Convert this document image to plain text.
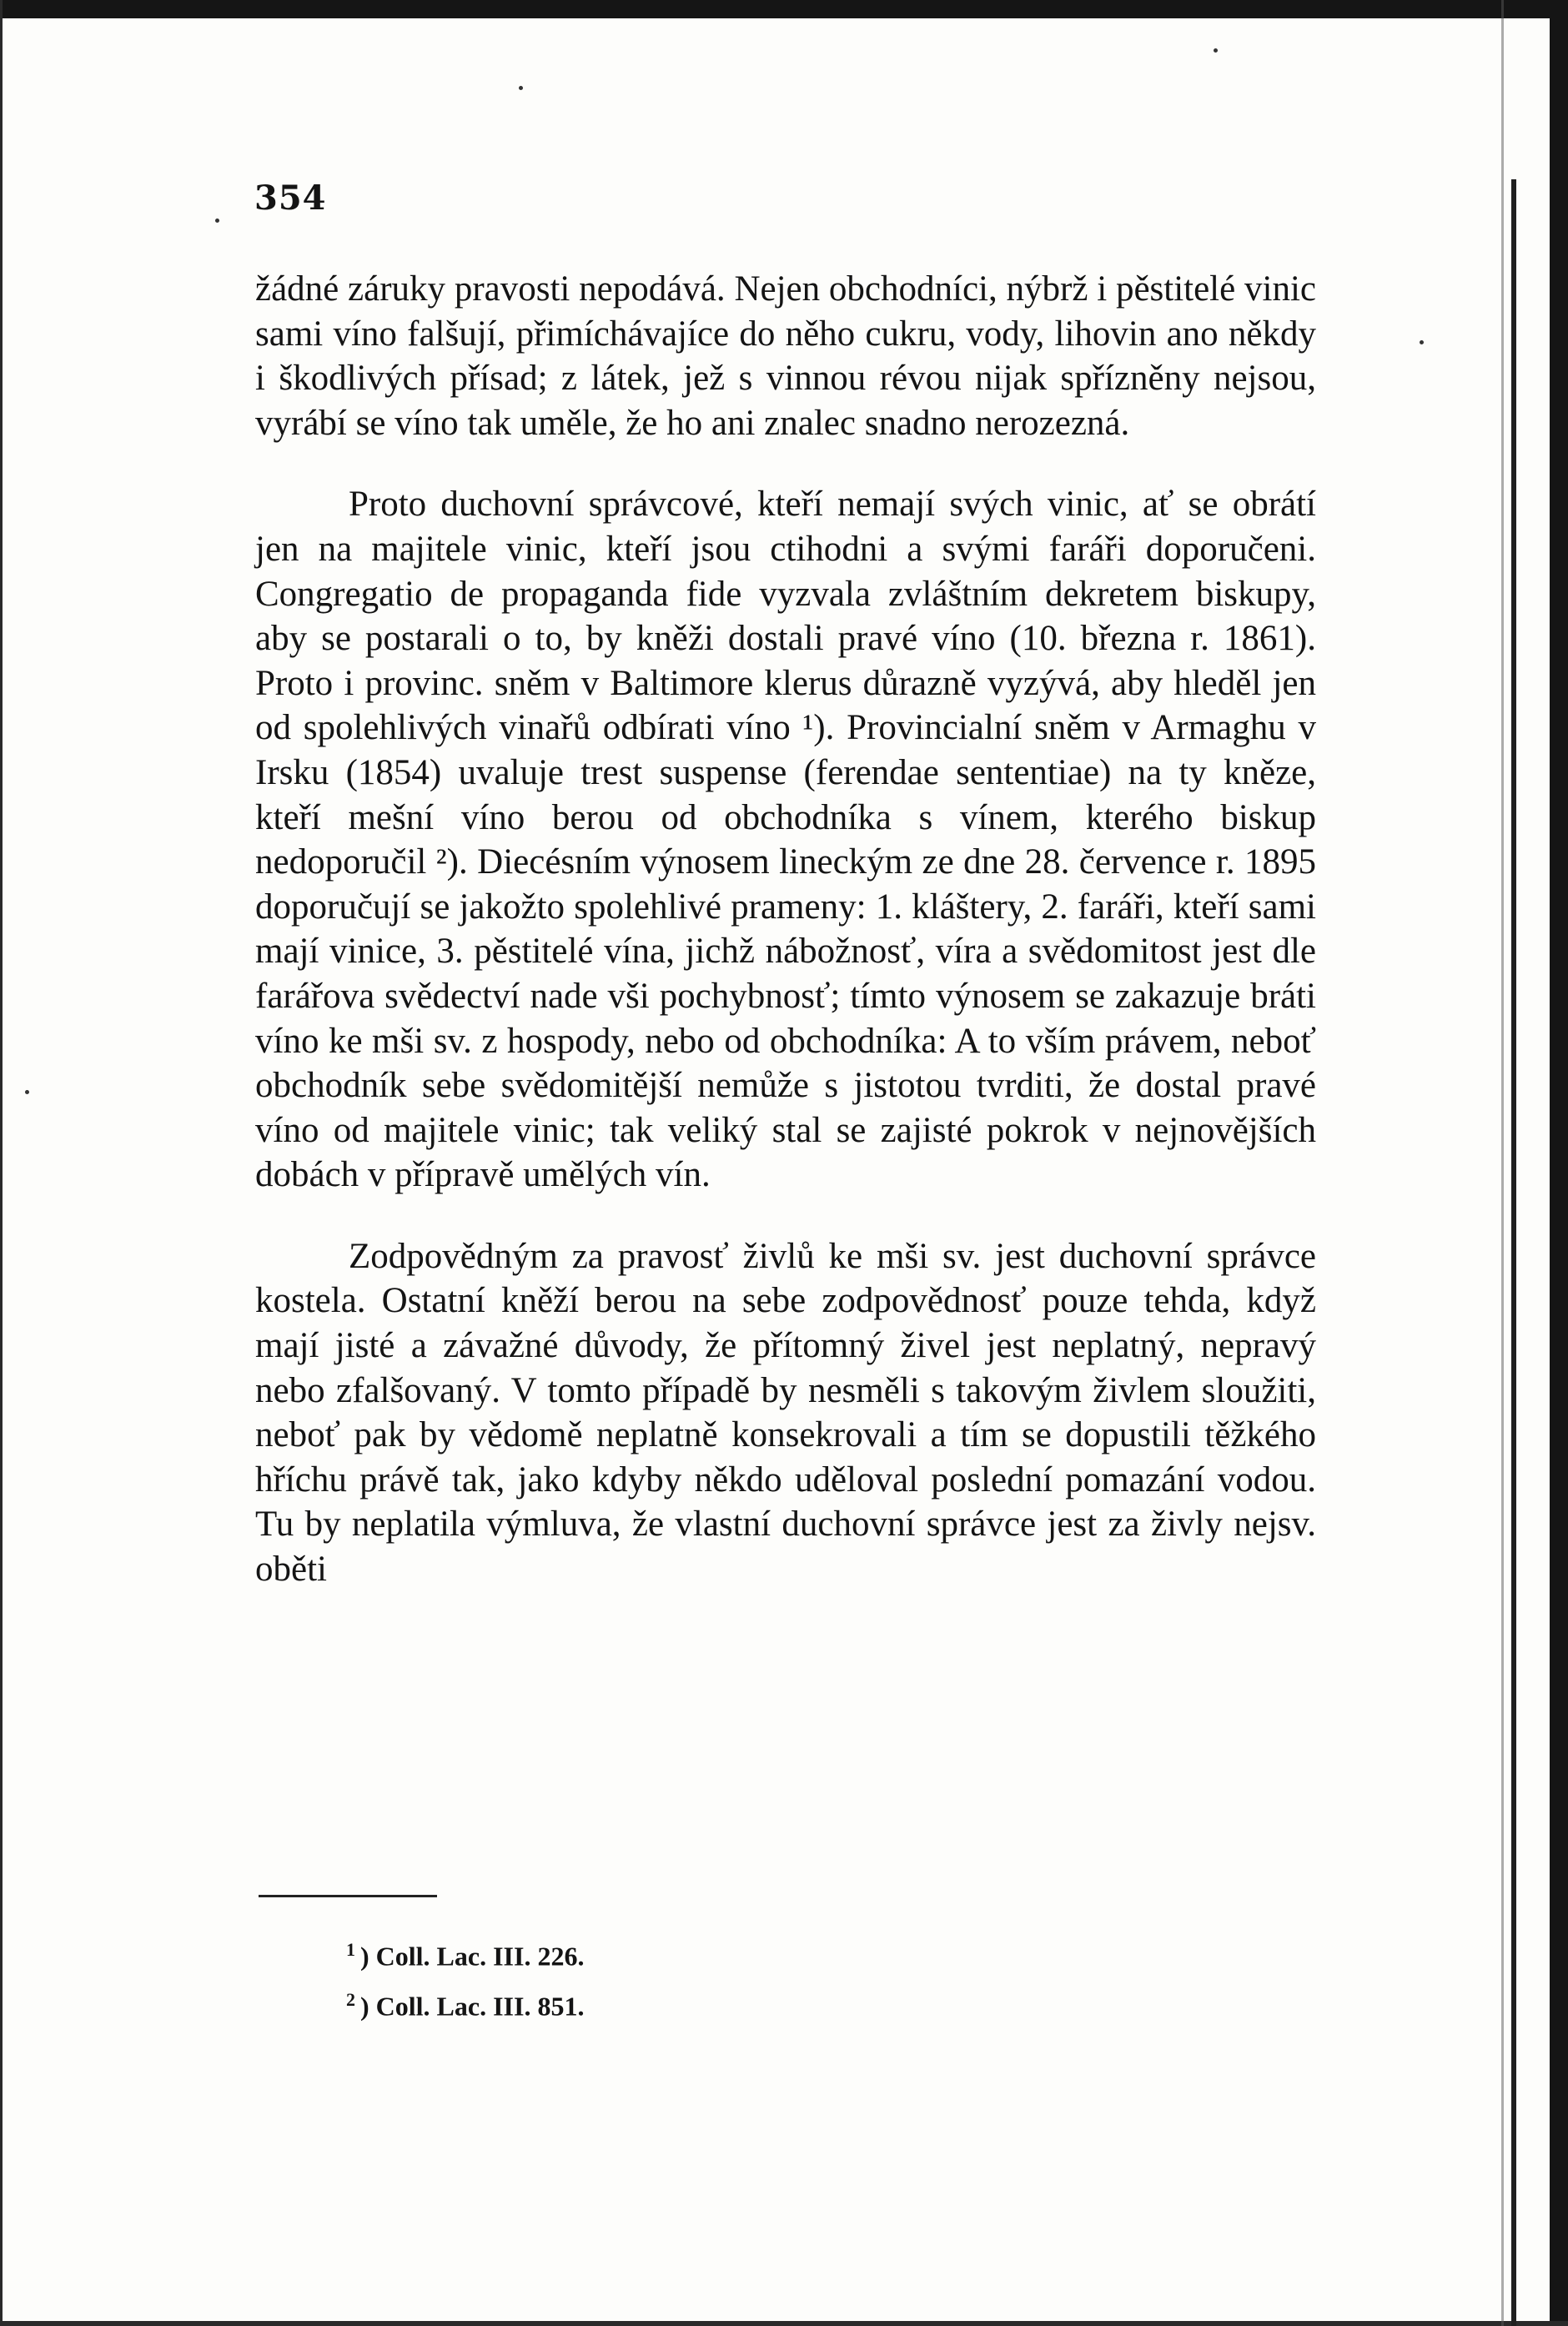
354

žádné záruky pravosti nepodává. Nejen obchodníci, nýbrž i pěstitelé vinic sami víno falšují, přimíchávajíce do něho cukru, vody, lihovin ano někdy i škodlivých přísad; z látek, jež s vinnou révou nijak spřízněny nejsou, vyrábí se víno tak uměle, že ho ani znalec snadno nerozezná.

Proto duchovní správcové, kteří nemají svých vinic, ať se obrátí jen na majitele vinic, kteří jsou ctihodni a svými faráři doporučeni. Congregatio de propaganda fide vyzvala zvláštním dekretem biskupy, aby se postarali o to, by kněži dostali pravé víno (10. března r. 1861). Proto i provinc. sněm v Baltimore klerus důrazně vyzývá, aby hleděl jen od spolehlivých vinařů odbírati víno ¹). Provincialní sněm v Armaghu v Irsku (1854) uvaluje trest suspense (ferendae sententiae) na ty kněze, kteří mešní víno berou od obchodníka s vínem, kterého biskup nedoporučil ²). Diecésním výnosem lineckým ze dne 28. července r. 1895 doporučují se jakožto spolehlivé prameny: 1. kláštery, 2. faráři, kteří sami mají vinice, 3. pěstitelé vína, jichž nábožnosť, víra a svědomitost jest dle farářova svědectví nade vši pochybnosť; tímto výnosem se zakazuje bráti víno ke mši sv. z hospody, nebo od obchodníka: A to vším právem, neboť obchodník sebe svědomitější nemůže s jistotou tvrditi, že dostal pravé víno od majitele vinic; tak veliký stal se zajisté pokrok v nejnovějších dobách v přípravě umělých vín.

Zodpovědným za pravosť živlů ke mši sv. jest duchovní správce kostela. Ostatní kněží berou na sebe zodpovědnosť pouze tehda, když mají jisté a závažné důvody, že přítomný živel jest neplatný, nepravý nebo zfalšovaný. V tomto případě by nesměli s takovým živlem sloužiti, neboť pak by vědomě neplatně konsekrovali a tím se dopustili těžkého hříchu právě tak, jako kdyby někdo uděloval poslední pomazání vodou. Tu by neplatila výmluva, že vlastní duchovní správce jest za živly nejsv. oběti

$^1$ ) Coll. Lac. III. 226.

$^2$ ) Coll. Lac. III. 851.
